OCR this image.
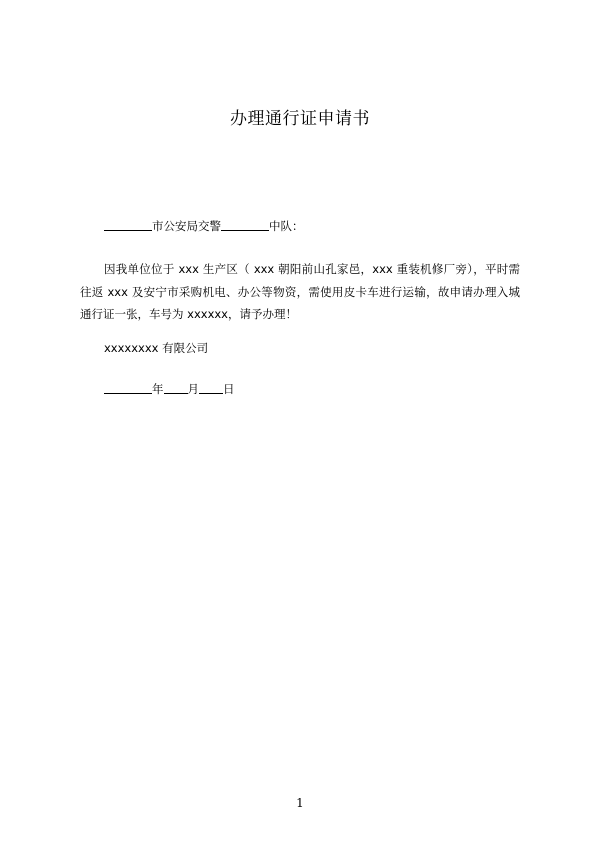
办理通行证申请书
市公安局交警	中队：
因我单位位于 xxx 生产区（ xxx 朝阳前山孔家邑，xxx 重装机修厂旁），平时需往返 xxx 及安宁市采购机电、办公等物资，需使用皮卡车进行运输，故申请办理入城通行证一张，车号为 xxxxxx，请予办理！
xxxxxxxx 有限公司
年 月 日
1
